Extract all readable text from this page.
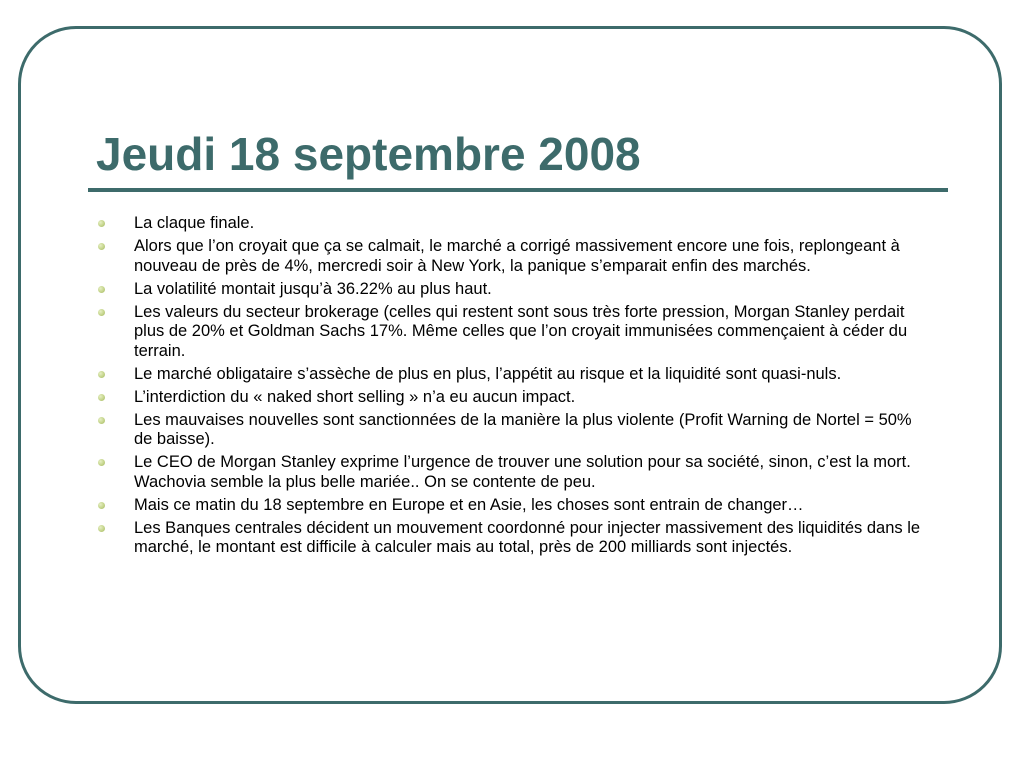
Jeudi 18 septembre 2008
La claque finale.
Alors que l’on croyait que ça se calmait, le marché a corrigé massivement encore une fois, replongeant à nouveau de près de 4%, mercredi soir à New York, la panique s’emparait enfin des marchés.
La volatilité montait jusqu’à 36.22% au plus haut.
Les valeurs du secteur brokerage (celles qui restent sont sous très forte pression, Morgan Stanley perdait plus de 20% et Goldman Sachs 17%. Même celles que l’on croyait immunisées commençaient à céder du terrain.
Le marché obligataire s’assèche de plus en plus, l’appétit au risque et la liquidité sont quasi-nuls.
L’interdiction du « naked short selling » n’a eu aucun impact.
Les mauvaises nouvelles sont sanctionnées de la manière la plus violente (Profit Warning de Nortel = 50% de baisse).
Le CEO de Morgan Stanley exprime l’urgence de trouver une solution pour sa société, sinon, c’est la mort. Wachovia semble la plus belle mariée.. On se contente de peu.
Mais ce matin du 18 septembre en Europe et en Asie, les choses sont entrain de changer…
Les Banques centrales décident un mouvement coordonné pour injecter massivement des liquidités dans le marché, le montant est difficile à calculer mais au total, près de 200 milliards sont injectés.
